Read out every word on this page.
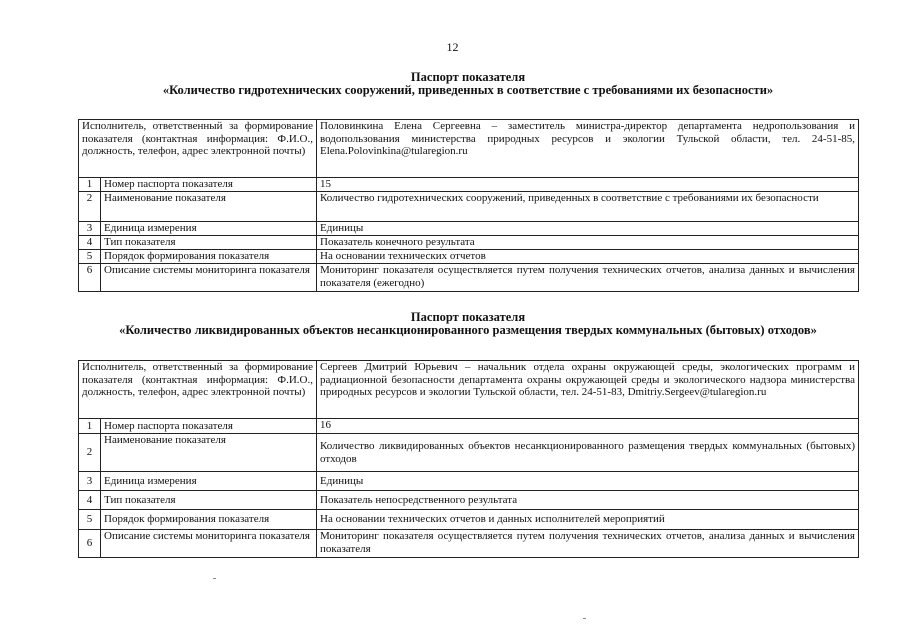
12
Паспорт показателя
«Количество гидротехнических сооружений, приведенных в соответствие с требованиями их безопасности»
Исполнитель, ответственный за формирование показателя (контактная информация: Ф.И.О., должность, телефон, адрес электронной почты)		Половинкина Елена Сергеевна – заместитель министра-директор департамента недропользования и водопользования министерства природных ресурсов и экологии Тульской области, тел. 24-51-85, Elena.Polovinkina@tularegion.ru
1	Номер паспорта показателя	15
2	Наименование показателя	Количество гидротехнических сооружений, приведенных в соответствие с требованиями их безопасности
3	Единица измерения	Единицы
4	Тип показателя	Показатель конечного результата
5	Порядок формирования показателя	На основании технических отчетов
6	Описание системы мониторинга показателя	Мониторинг показателя осуществляется путем получения технических отчетов, анализа данных и вычисления показателя (ежегодно)
Паспорт показателя
«Количество ликвидированных объектов несанкционированного размещения твердых коммунальных (бытовых) отходов»
Исполнитель, ответственный за формирование показателя (контактная информация: Ф.И.О., должность, телефон, адрес электронной почты)		Сергеев Дмитрий Юрьевич – начальник отдела охраны окружающей среды, экологических программ и радиационной безопасности департамента охраны окружающей среды и экологического надзора министерства природных ресурсов и экологии Тульской области, тел. 24-51-83, Dmitriy.Sergeev@tularegion.ru
1	Номер паспорта показателя	16
2	Наименование показателя	Количество ликвидированных объектов несанкционированного размещения твердых коммунальных (бытовых) отходов
3	Единица измерения	Единицы
4	Тип показателя	Показатель непосредственного результата
5	Порядок формирования показателя	На основании технических отчетов и данных исполнителей мероприятий
6	Описание системы мониторинга показателя	Мониторинг показателя осуществляется путем получения технических отчетов, анализа данных и вычисления показателя
